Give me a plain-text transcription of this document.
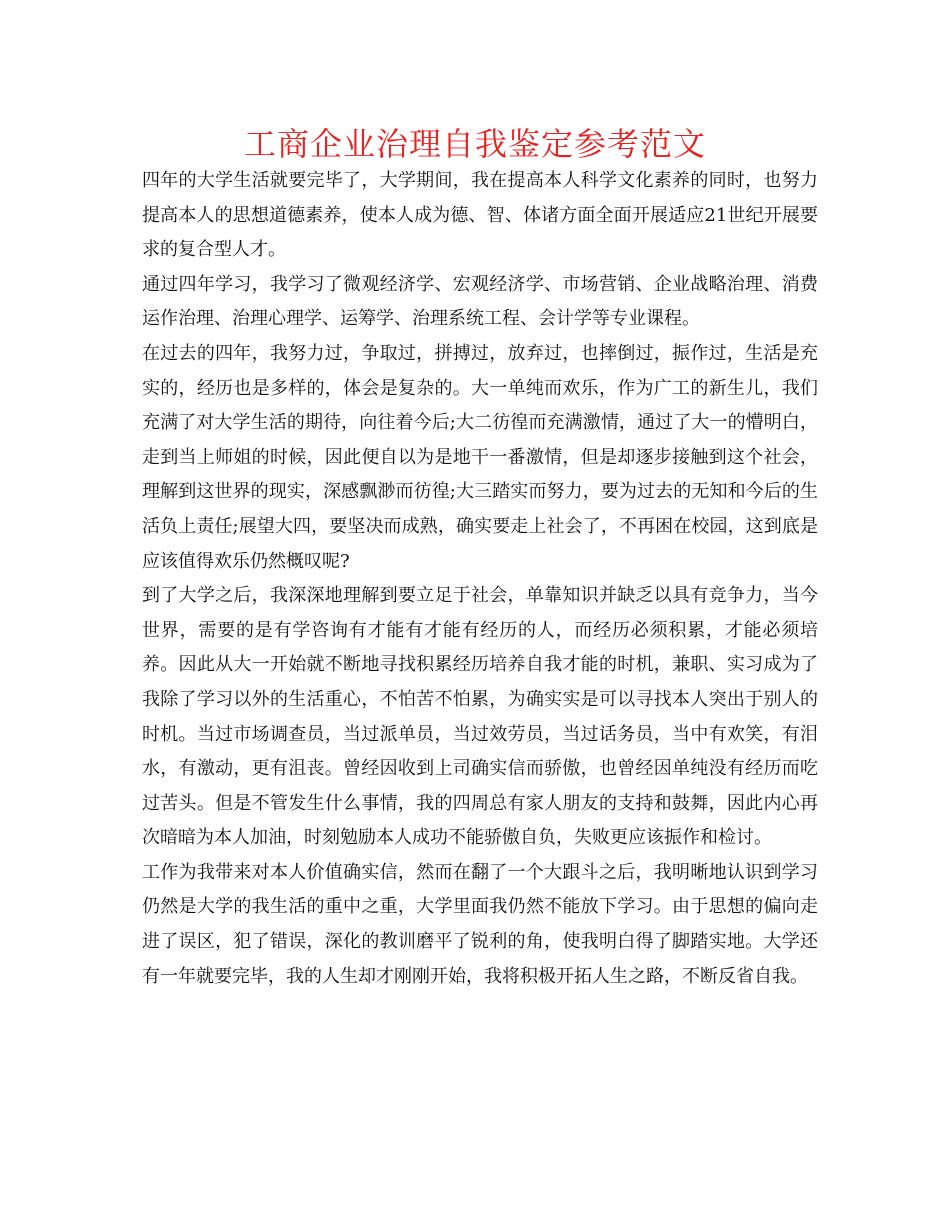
工商企业治理自我鉴定参考范文

四年的大学生活就要完毕了，大学期间，我在提高本人科学文化素养的同时，也努力提高本人的思想道德素养，使本人成为德、智、体诸方面全面开展适应21世纪开展要求的复合型人才。

通过四年学习，我学习了微观经济学、宏观经济学、市场营销、企业战略治理、消费运作治理、治理心理学、运筹学、治理系统工程、会计学等专业课程。

在过去的四年，我努力过，争取过，拼搏过，放弃过，也摔倒过，振作过，生活是充实的，经历也是多样的，体会是复杂的。大一单纯而欢乐，作为广工的新生儿，我们充满了对大学生活的期待，向往着今后;大二彷徨而充满激情，通过了大一的懵明白，走到当上师姐的时候，因此便自以为是地干一番激情，但是却逐步接触到这个社会，理解到这世界的现实，深感飘渺而彷徨;大三踏实而努力，要为过去的无知和今后的生活负上责任;展望大四，要坚决而成熟，确实要走上社会了，不再困在校园，这到底是应该值得欢乐仍然概叹呢?

到了大学之后，我深深地理解到要立足于社会，单靠知识并缺乏以具有竞争力，当今世界，需要的是有学咨询有才能有才能有经历的人，而经历必须积累，才能必须培养。因此从大一开始就不断地寻找积累经历培养自我才能的时机，兼职、实习成为了我除了学习以外的生活重心，不怕苦不怕累，为确实实是可以寻找本人突出于别人的时机。当过市场调查员，当过派单员，当过效劳员，当过话务员，当中有欢笑，有泪水，有激动，更有沮丧。曾经因收到上司确实信而骄傲，也曾经因单纯没有经历而吃过苦头。但是不管发生什么事情，我的四周总有家人朋友的支持和鼓舞，因此内心再次暗暗为本人加油，时刻勉励本人成功不能骄傲自负，失败更应该振作和检讨。

工作为我带来对本人价值确实信，然而在翻了一个大跟斗之后，我明晰地认识到学习仍然是大学的我生活的重中之重，大学里面我仍然不能放下学习。由于思想的偏向走进了误区，犯了错误，深化的教训磨平了锐利的角，使我明白得了脚踏实地。大学还有一年就要完毕，我的人生却才刚刚开始，我将积极开拓人生之路，不断反省自我。
